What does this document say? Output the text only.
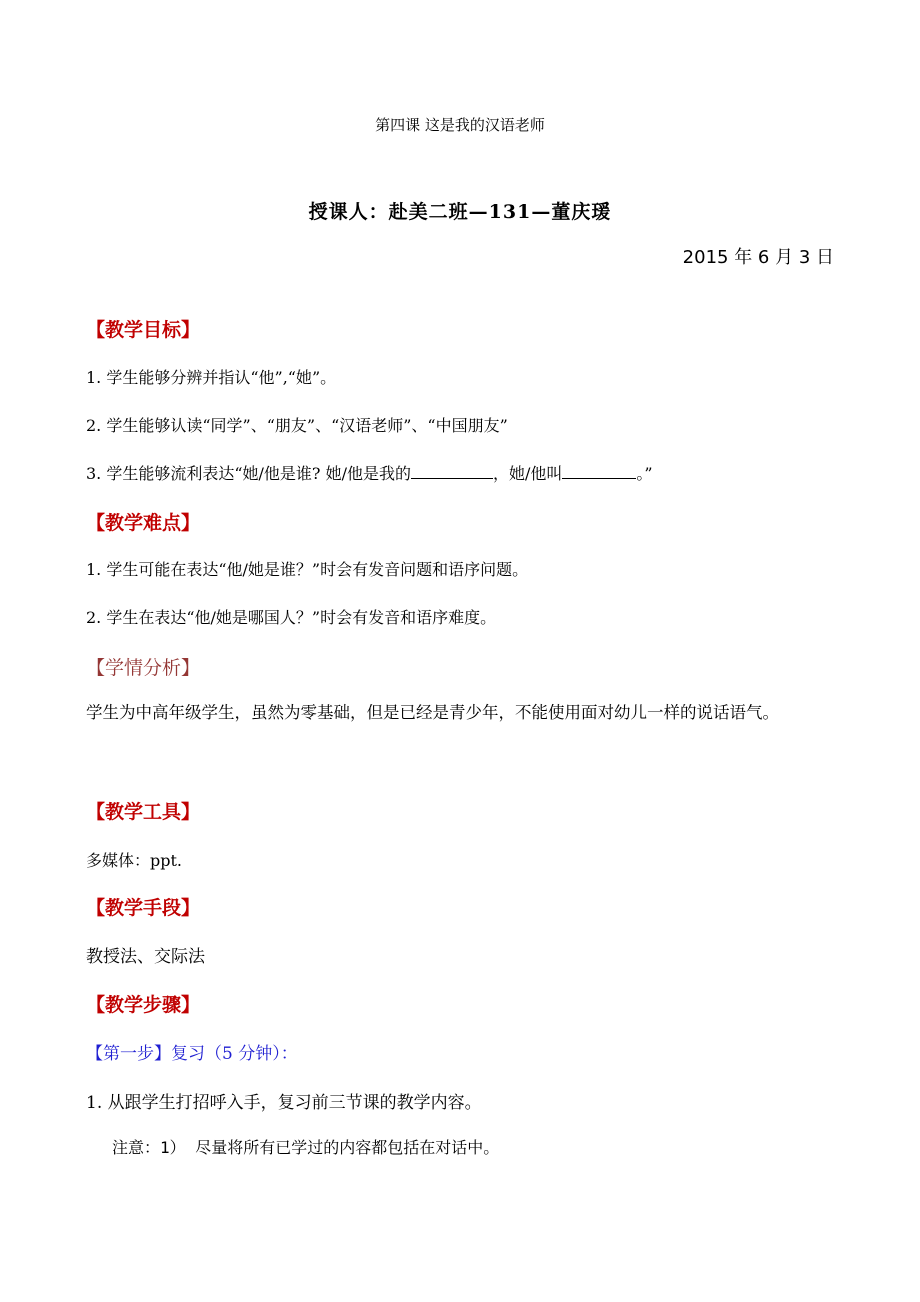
第四课 这是我的汉语老师
授课人：赴美二班—131—董庆瑗
2015 年 6 月 3 日
【教学目标】
1. 学生能够分辨并指认“他”,“她”。
2. 学生能够认读“同学”、“朋友”、“汉语老师”、“中国朋友”
3. 学生能够流利表达“她/他是谁? 她/他是我的	，她/他叫	。”
【教学难点】
1. 学生可能在表达“他/她是谁？”时会有发音问题和语序问题。
2. 学生在表达“他/她是哪国人？”时会有发音和语序难度。
【学情分析】
学生为中高年级学生，虽然为零基础，但是已经是青少年，不能使用面对幼儿一样的说话语气。
【教学工具】
多媒体：ppt.
【教学手段】
教授法、交际法
【教学步骤】
【第一步】复习（5 分钟）：
1. 从跟学生打招呼入手，复习前三节课的教学内容。
注意：1） 尽量将所有已学过的内容都包括在对话中。
